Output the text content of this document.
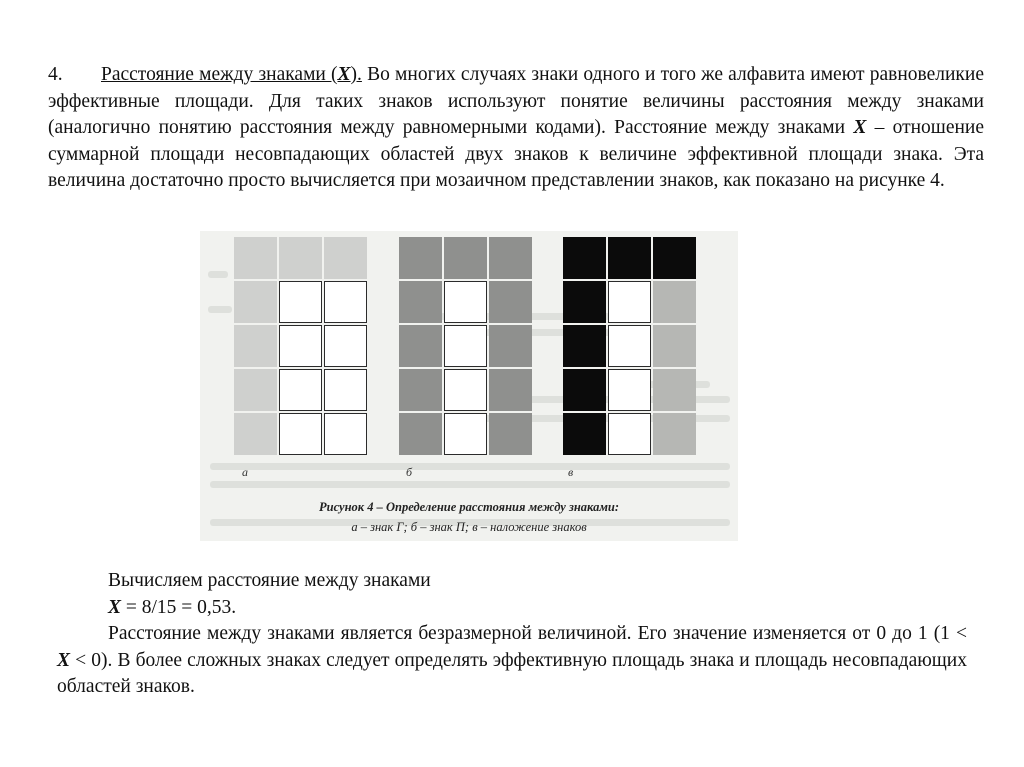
4. Расстояние между знаками (X). Во многих случаях знаки одного и того же алфавита имеют равновеликие эффективные площади. Для таких знаков используют понятие величины расстояния между знаками (аналогично понятию расстояния между равномерными кодами). Расстояние между знаками X – отношение суммарной площади несовпадающих областей двух знаков к величине эффективной площади знака. Эта величина достаточно просто вычисляется при мозаичном представлении знаков, как показано на рисунке 4.
а	б	в
Рисунок 4 – Определение расстояния между знаками:
а – знак Г; б – знак П; в – наложение знаков
Вычисляем расстояние между знаками
X = 8/15 = 0,53.
Расстояние между знаками является безразмерной величиной. Его значение изменяется от 0 до 1 (1 < X < 0). В более сложных знаках следует определять эффективную площадь знака и площадь несовпадающих областей знаков.
